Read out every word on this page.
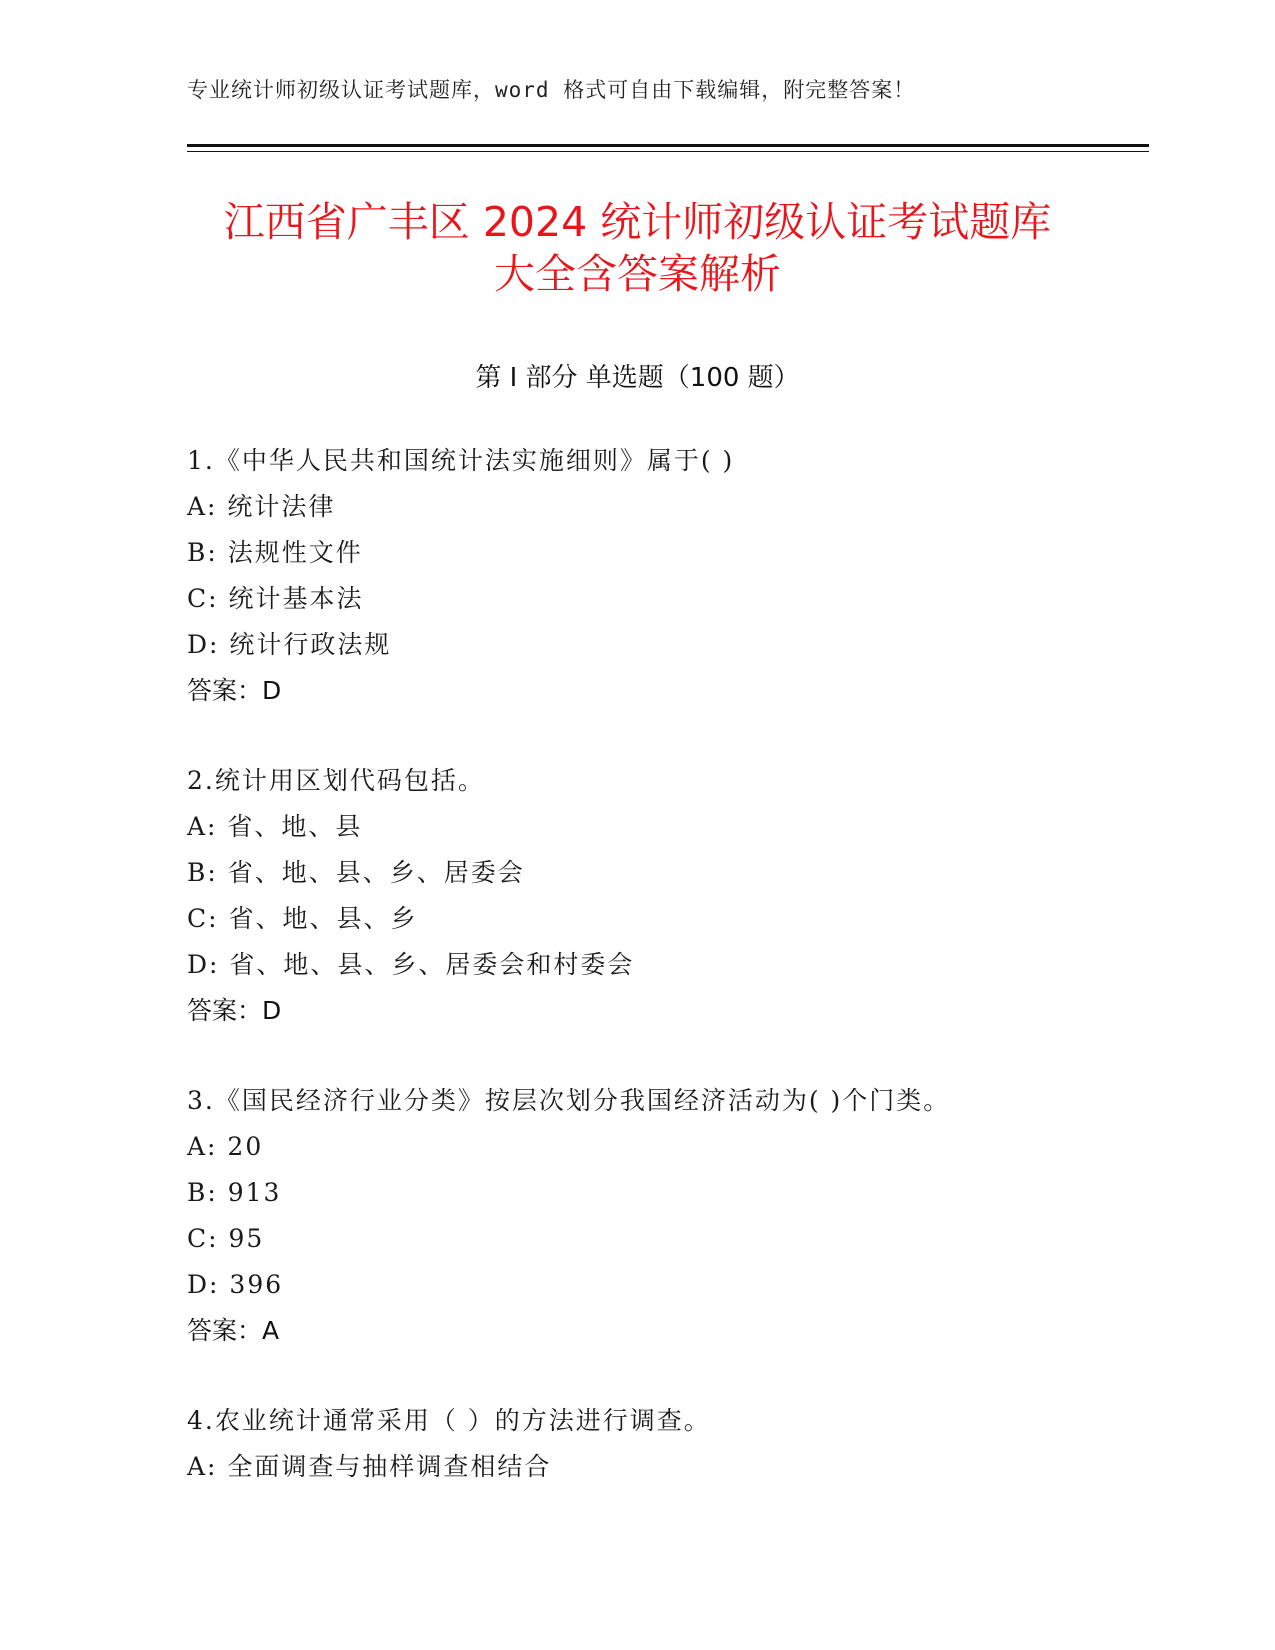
专业统计师初级认证考试题库，word 格式可自由下载编辑，附完整答案！
江西省广丰区 2024 统计师初级认证考试题库
大全含答案解析
第 I 部分 单选题（100 题）
1.《中华人民共和国统计法实施细则》属于( )
A: 统计法律
B: 法规性文件
C: 统计基本法
D: 统计行政法规
答案：D
2.统计用区划代码包括。
A: 省、地、县
B: 省、地、县、乡、居委会
C: 省、地、县、乡
D: 省、地、县、乡、居委会和村委会
答案：D
3.《国民经济行业分类》按层次划分我国经济活动为( )个门类。
A: 20
B: 913
C: 95
D: 396
答案：A
4.农业统计通常采用（ ）的方法进行调查。
A: 全面调查与抽样调查相结合
